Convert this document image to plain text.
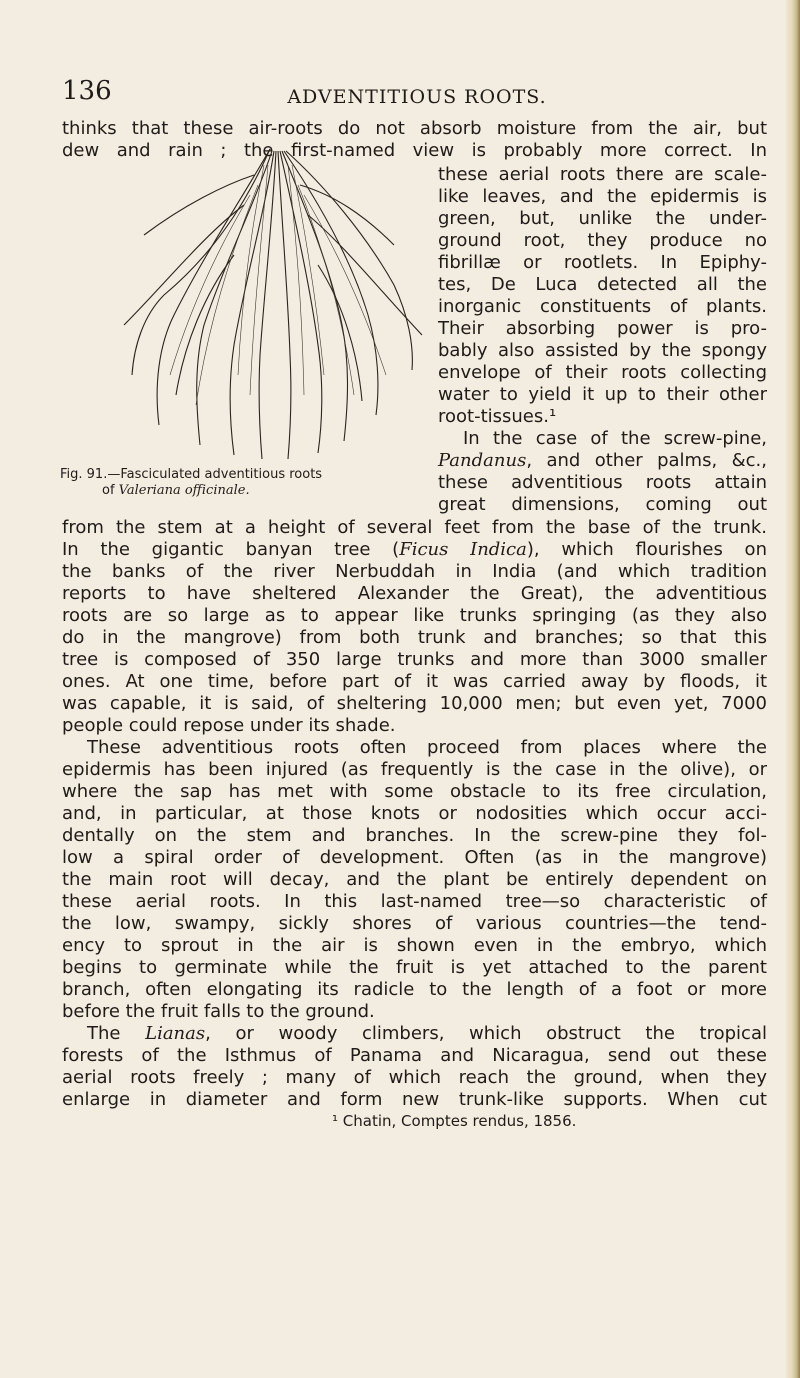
136	ADVENTITIOUS ROOTS.
thinks that these air-roots do not absorb moisture from the air, but
dew and rain ; the first-named view is probably more correct. In
these aerial roots there are scale-
like leaves, and the epidermis is
green, but, unlike the under-
ground root, they produce no
fibrillæ or rootlets. In Epiphy-
tes, De Luca detected all the
inorganic constituents of plants.
Their absorbing power is pro-
bably also assisted by the spongy
envelope of their roots collecting
water to yield it up to their other
root-tissues.¹
In the case of the screw-pine,
Pandanus, and other palms, &c.,
these adventitious roots attain
great dimensions, coming out
Fig. 91.—Fasciculated adventitious roots
of Valeriana officinale.
from the stem at a height of several feet from the base of the trunk.
In the gigantic banyan tree (Ficus Indica), which flourishes on
the banks of the river Nerbuddah in India (and which tradition
reports to have sheltered Alexander the Great), the adventitious
roots are so large as to appear like trunks springing (as they also
do in the mangrove) from both trunk and branches; so that this
tree is composed of 350 large trunks and more than 3000 smaller
ones. At one time, before part of it was carried away by floods, it
was capable, it is said, of sheltering 10,000 men; but even yet, 7000
people could repose under its shade.
These adventitious roots often proceed from places where the
epidermis has been injured (as frequently is the case in the olive), or
where the sap has met with some obstacle to its free circulation,
and, in particular, at those knots or nodosities which occur acci-
dentally on the stem and branches. In the screw-pine they fol-
low a spiral order of development. Often (as in the mangrove)
the main root will decay, and the plant be entirely dependent on
these aerial roots. In this last-named tree—so characteristic of
the low, swampy, sickly shores of various countries—the tend-
ency to sprout in the air is shown even in the embryo, which
begins to germinate while the fruit is yet attached to the parent
branch, often elongating its radicle to the length of a foot or more
before the fruit falls to the ground.
The Lianas, or woody climbers, which obstruct the tropical
forests of the Isthmus of Panama and Nicaragua, send out these
aerial roots freely ; many of which reach the ground, when they
enlarge in diameter and form new trunk-like supports. When cut
¹ Chatin, Comptes rendus, 1856.
